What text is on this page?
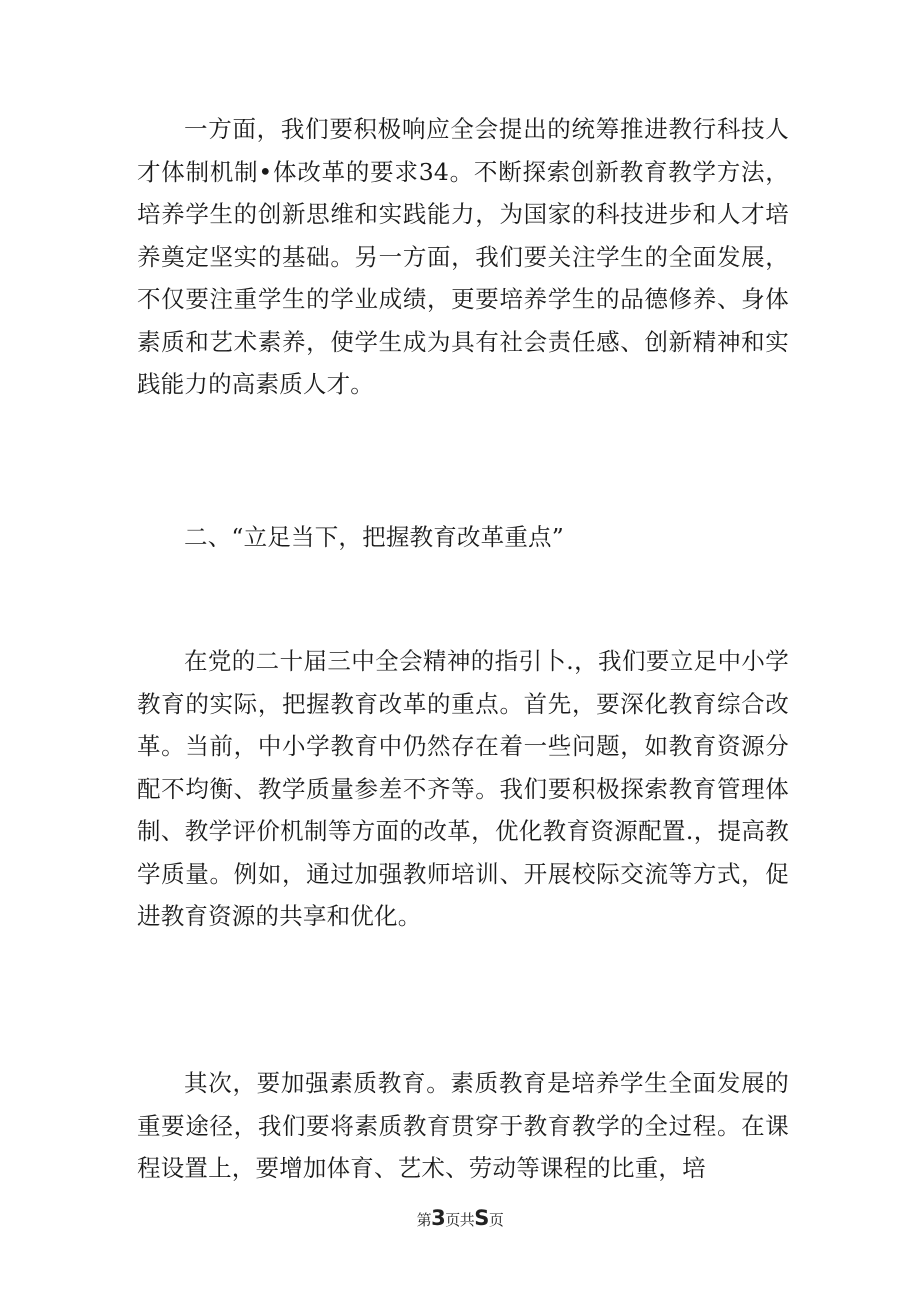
一方面，我们要积极响应全会提出的统筹推进教行科技人才体制机制•体改革的要求34。不断探索创新教育教学方法，培养学生的创新思维和实践能力，为国家的科技进步和人才培养奠定坚实的基础。另一方面，我们要关注学生的全面发展，不仅要注重学生的学业成绩，更要培养学生的品德修养、身体素质和艺术素养，使学生成为具有社会责任感、创新精神和实践能力的高素质人才。

二、“立足当下，把握教育改革重点”

在党的二十届三中全会精神的指引卜.，我们要立足中小学教育的实际，把握教育改革的重点。首先，要深化教育综合改革。当前，中小学教育中仍然存在着一些问题，如教育资源分配不均衡、教学质量参差不齐等。我们要积极探索教育管理体制、教学评价机制等方面的改革，优化教育资源配置.，提高教学质量。例如，通过加强教师培训、开展校际交流等方式，促进教育资源的共享和优化。

其次，要加强素质教育。素质教育是培养学生全面发展的重要途径，我们要将素质教育贯穿于教育教学的全过程。在课程设置上，要增加体育、艺术、劳动等课程的比重，培

第3页共S页
